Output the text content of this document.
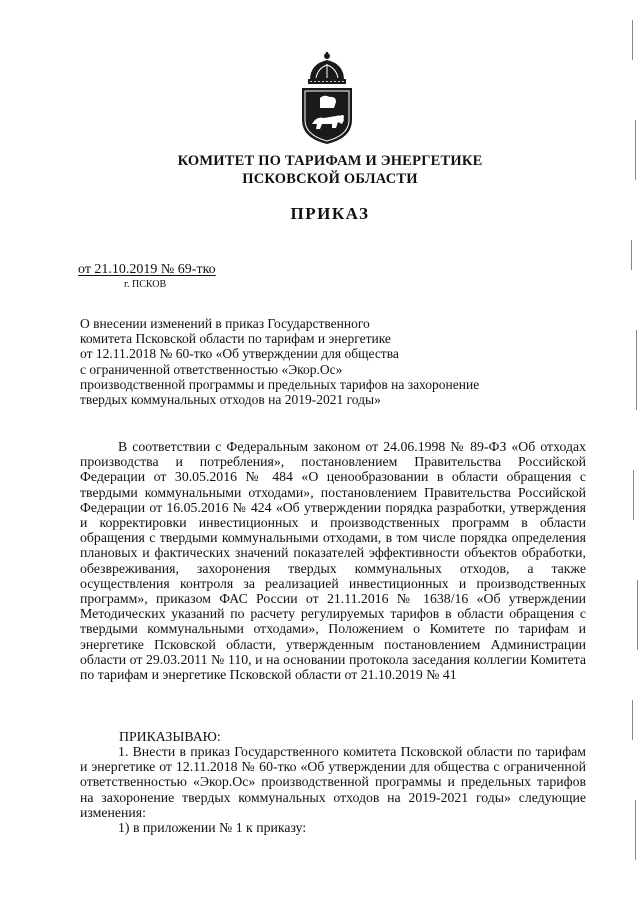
КОМИТЕТ ПО ТАРИФАМ И ЭНЕРГЕТИКЕ
ПСКОВСКОЙ ОБЛАСТИ
ПРИКАЗ
от 21.10.2019 № 69-тко
г. ПСКОВ
О внесении изменений в приказ Государственного
комитета Псковской области по тарифам и энергетике
от 12.11.2018 № 60-тко «Об утверждении для общества
с ограниченной ответственностью «Экор.Ос»
производственной программы и предельных тарифов на захоронение
твердых коммунальных отходов на 2019-2021 годы»

В соответствии с Федеральным законом от 24.06.1998 № 89-ФЗ «Об отходах производства и потребления», постановлением Правительства Российской Федерации от 30.05.2016 № 484 «О ценообразовании в области обращения с твердыми коммунальными отходами», постановлением Правительства Российской Федерации от 16.05.2016 № 424 «Об утверждении порядка разработки, утверждения и корректировки инвестиционных и производственных программ в области обращения с твердыми коммунальными отходами, в том числе порядка определения плановых и фактических значений показателей эффективности объектов обработки, обезвреживания, захоронения твердых коммунальных отходов, а также осуществления контроля за реализацией инвестиционных и производственных программ», приказом ФАС России от 21.11.2016 № 1638/16 «Об утверждении Методических указаний по расчету регулируемых тарифов в области обращения с твердыми коммунальными отходами», Положением о Комитете по тарифам и энергетике Псковской области, утвержденным постановлением Администрации области от 29.03.2011 № 110, и на основании протокола заседания коллегии Комитета по тарифам и энергетике Псковской области от 21.10.2019 № 41

ПРИКАЗЫВАЮ:

1. Внести в приказ Государственного комитета Псковской области по тарифам и энергетике от 12.11.2018 № 60-тко «Об утверждении для общества с ограниченной ответственностью «Экор.Ос» производственной программы и предельных тарифов на захоронение твердых коммунальных отходов на 2019-2021 годы» следующие изменения:

1) в приложении № 1 к приказу:
